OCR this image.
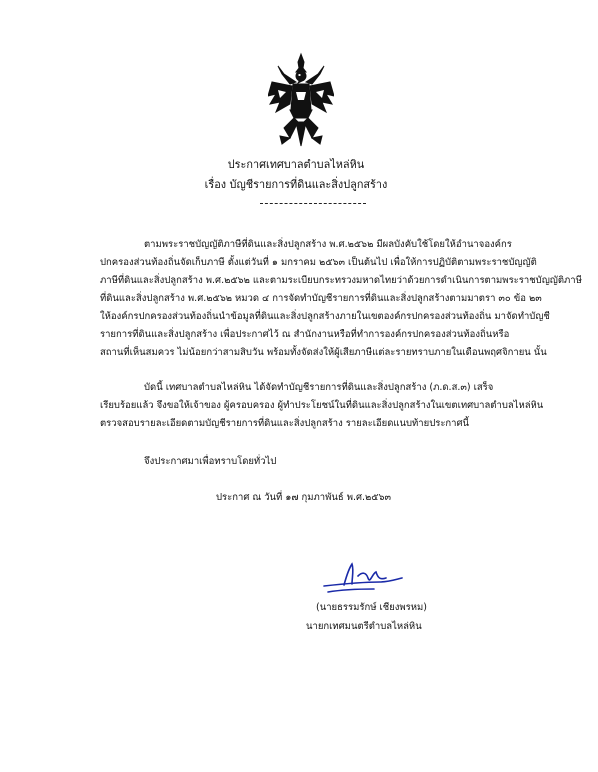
ประกาศเทศบาลตำบลไหล่หิน
เรื่อง บัญชีรายการที่ดินและสิ่งปลูกสร้าง
ตามพระราชบัญญัติภาษีที่ดินและสิ่งปลูกสร้าง พ.ศ.๒๕๖๒ มีผลบังคับใช้โดยให้อำนาจองค์กร
ปกครองส่วนท้องถิ่นจัดเก็บภาษี ตั้งแต่วันที่ ๑ มกราคม ๒๕๖๓ เป็นต้นไป เพื่อให้การปฏิบัติตามพระราชบัญญัติ
ภาษีที่ดินและสิ่งปลูกสร้าง พ.ศ.๒๕๖๒ และตามระเบียบกระทรวงมหาดไทยว่าด้วยการดำเนินการตามพระราชบัญญัติภาษี
ที่ดินและสิ่งปลูกสร้าง พ.ศ.๒๕๖๒ หมวด ๔ การจัดทำบัญชีรายการที่ดินและสิ่งปลูกสร้างตามมาตรา ๓๐ ข้อ ๒๓
ให้องค์กรปกครองส่วนท้องถิ่นนำข้อมูลที่ดินและสิ่งปลูกสร้างภายในเขตองค์กรปกครองส่วนท้องถิ่น มาจัดทำบัญชี
รายการที่ดินและสิ่งปลูกสร้าง เพื่อประกาศไว้ ณ สำนักงานหรือที่ทำการองค์กรปกครองส่วนท้องถิ่นหรือ
สถานที่เห็นสมควร ไม่น้อยกว่าสามสิบวัน พร้อมทั้งจัดส่งให้ผู้เสียภาษีแต่ละรายทราบภายในเดือนพฤศจิกายน นั้น
บัดนี้ เทศบาลตำบลไหล่หิน ได้จัดทำบัญชีรายการที่ดินและสิ่งปลูกสร้าง (ภ.ด.ส.๓) เสร็จ
เรียบร้อยแล้ว จึงขอให้เจ้าของ ผู้ครอบครอง ผู้ทำประโยชน์ในที่ดินและสิ่งปลูกสร้างในเขตเทศบาลตำบลไหล่หิน
ตรวจสอบรายละเอียดตามบัญชีรายการที่ดินและสิ่งปลูกสร้าง รายละเอียดแนบท้ายประกาศนี้
จึงประกาศมาเพื่อทราบโดยทั่วไป
ประกาศ ณ วันที่ ๑๗ กุมภาพันธ์ พ.ศ.๒๕๖๓
(นายธรรมรักษ์ เชียงพรหม)
นายกเทศมนตรีตำบลไหล่หิน
